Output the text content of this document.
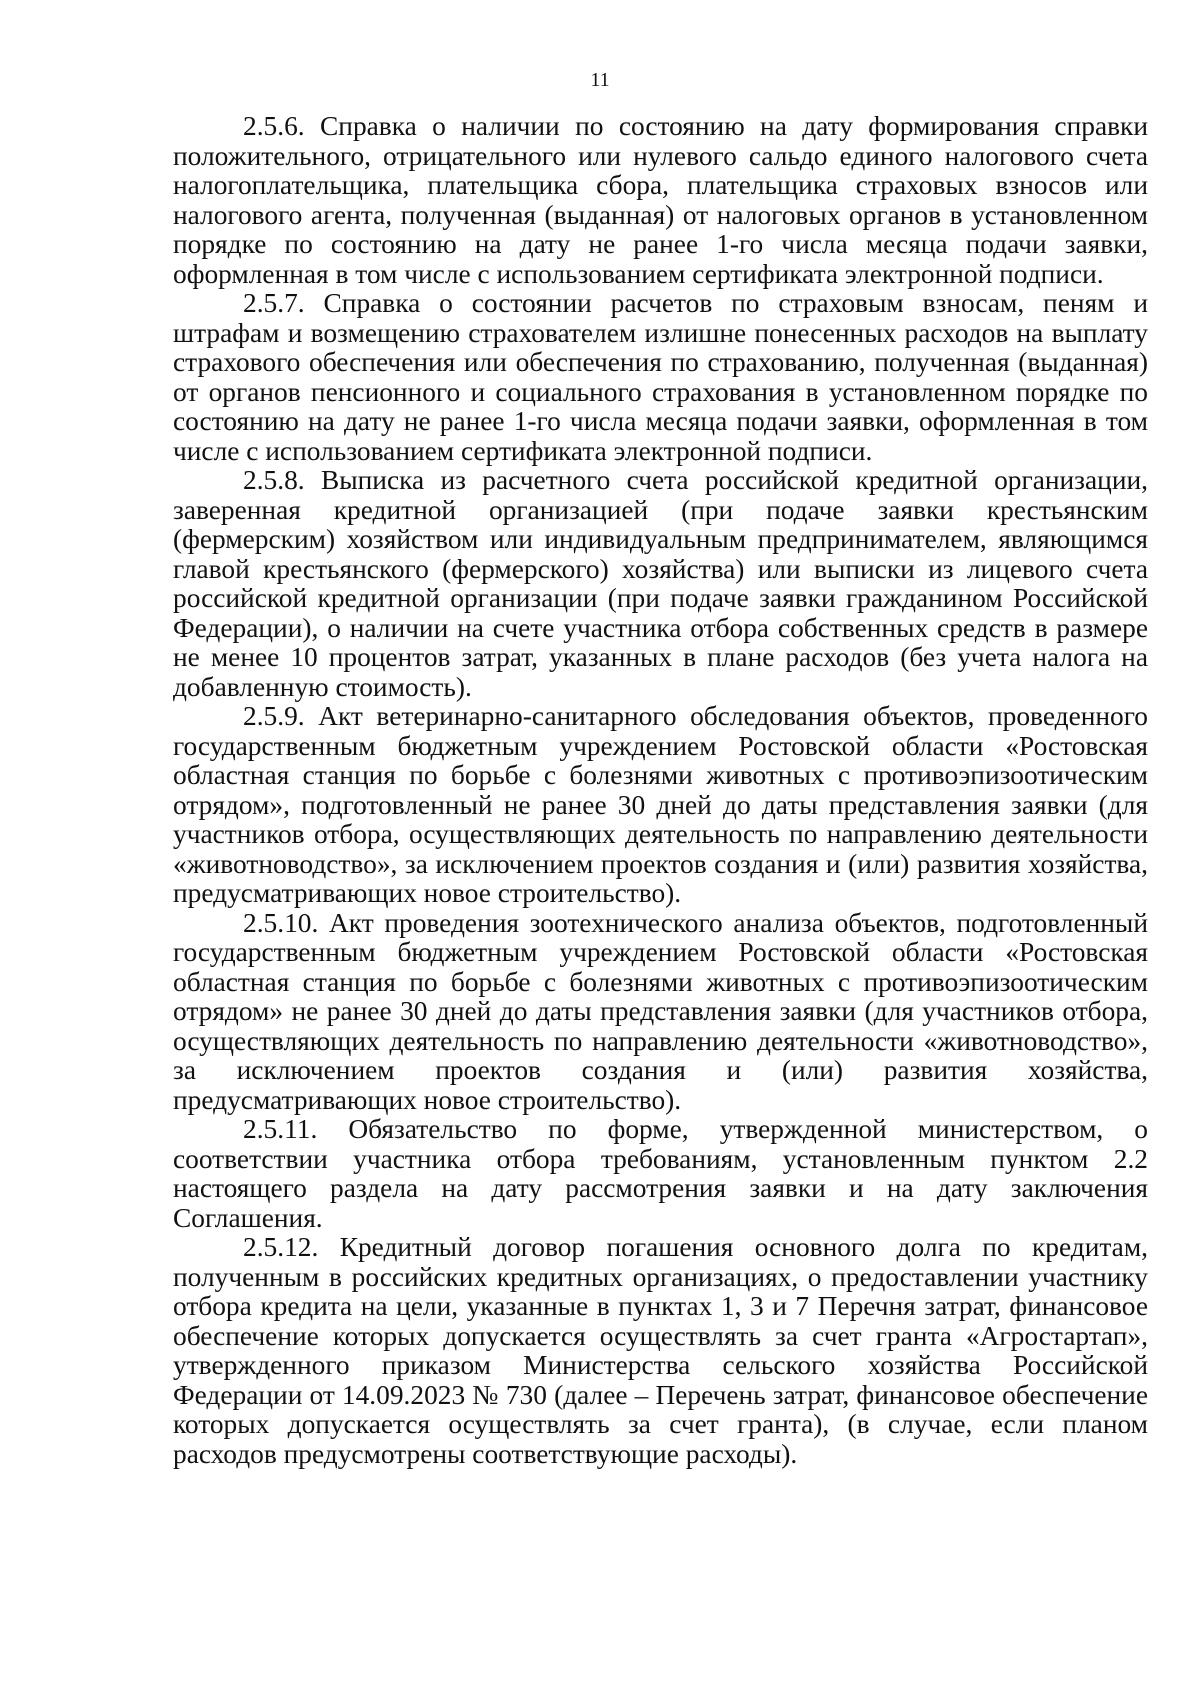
11

2.5.6. Справка о наличии по состоянию на дату формирования справки положительного, отрицательного или нулевого сальдо единого налогового счета налогоплательщика, плательщика сбора, плательщика страховых взносов или налогового агента, полученная (выданная) от налоговых органов в установленном порядке по состоянию на дату не ранее 1-го числа месяца подачи заявки, оформленная в том числе с использованием сертификата электронной подписи.

2.5.7. Справка о состоянии расчетов по страховым взносам, пеням и штрафам и возмещению страхователем излишне понесенных расходов на выплату страхового обеспечения или обеспечения по страхованию, полученная (выданная) от органов пенсионного и социального страхования в установленном порядке по состоянию на дату не ранее 1-го числа месяца подачи заявки, оформленная в том числе с использованием сертификата электронной подписи.

2.5.8. Выписка из расчетного счета российской кредитной организации, заверенная кредитной организацией (при подаче заявки крестьянским (фермерским) хозяйством или индивидуальным предпринимателем, являющимся главой крестьянского (фермерского) хозяйства) или выписки из лицевого счета российской кредитной организации (при подаче заявки гражданином Российской Федерации), о наличии на счете участника отбора собственных средств в размере не менее 10 процентов затрат, указанных в плане расходов (без учета налога на добавленную стоимость).

2.5.9. Акт ветеринарно-санитарного обследования объектов, проведенного государственным бюджетным учреждением Ростовской области «Ростовская областная станция по борьбе с болезнями животных с противоэпизоотическим отрядом», подготовленный не ранее 30 дней до даты представления заявки (для участников отбора, осуществляющих деятельность по направлению деятельности «животноводство», за исключением проектов создания и (или) развития хозяйства, предусматривающих новое строительство).

2.5.10. Акт проведения зоотехнического анализа объектов, подготовленный государственным бюджетным учреждением Ростовской области «Ростовская областная станция по борьбе с болезнями животных с противоэпизоотическим отрядом» не ранее 30 дней до даты представления заявки (для участников отбора, осуществляющих деятельность по направлению деятельности «животноводство», за исключением проектов создания и (или) развития хозяйства, предусматривающих новое строительство).

2.5.11. Обязательство по форме, утвержденной министерством, о соответствии участника отбора требованиям, установленным пунктом 2.2 настоящего раздела на дату рассмотрения заявки и на дату заключения Соглашения.

2.5.12. Кредитный договор погашения основного долга по кредитам, полученным в российских кредитных организациях, о предоставлении участнику отбора кредита на цели, указанные в пунктах 1, 3 и 7 Перечня затрат, финансовое обеспечение которых допускается осуществлять за счет гранта «Агростартап», утвержденного приказом Министерства сельского хозяйства Российской Федерации от 14.09.2023 № 730 (далее – Перечень затрат, финансовое обеспечение которых допускается осуществлять за счет гранта), (в случае, если планом расходов предусмотрены соответствующие расходы).
